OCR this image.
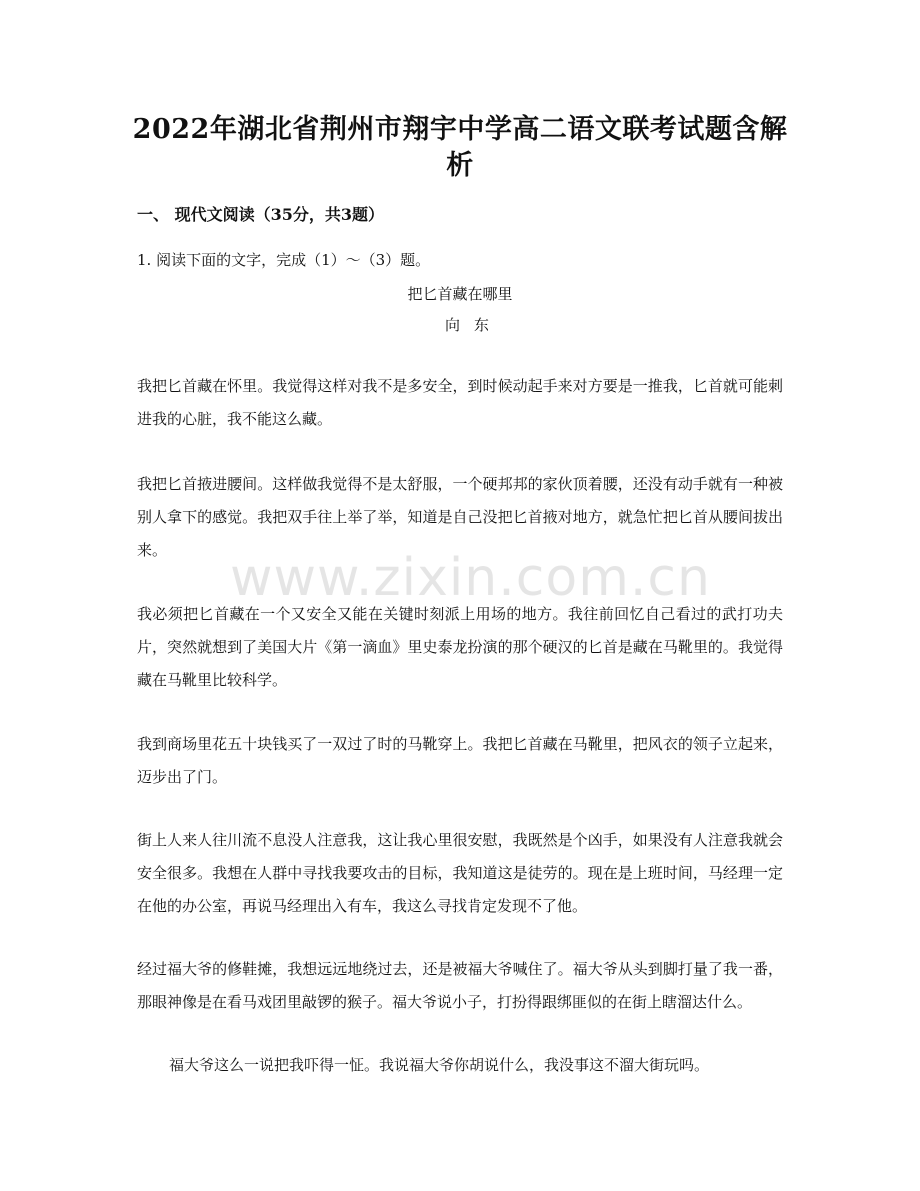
2022年湖北省荆州市翔宇中学高二语文联考试题含解析
一、 现代文阅读（35分，共3题）
1. 阅读下面的文字，完成（1）～（3）题。
把匕首藏在哪里
向东
我把匕首藏在怀里。我觉得这样对我不是多安全，到时候动起手来对方要是一推我，匕首就可能刺进我的心脏，我不能这么藏。
我把匕首掖进腰间。这样做我觉得不是太舒服，一个硬邦邦的家伙顶着腰，还没有动手就有一种被别人拿下的感觉。我把双手往上举了举，知道是自己没把匕首掖对地方，就急忙把匕首从腰间拔出来。
我必须把匕首藏在一个又安全又能在关键时刻派上用场的地方。我往前回忆自己看过的武打功夫片，突然就想到了美国大片《第一滴血》里史泰龙扮演的那个硬汉的匕首是藏在马靴里的。我觉得藏在马靴里比较科学。
我到商场里花五十块钱买了一双过了时的马靴穿上。我把匕首藏在马靴里，把风衣的领子立起来，迈步出了门。
街上人来人往川流不息没人注意我，这让我心里很安慰，我既然是个凶手，如果没有人注意我就会安全很多。我想在人群中寻找我要攻击的目标，我知道这是徒劳的。现在是上班时间，马经理一定在他的办公室，再说马经理出入有车，我这么寻找肯定发现不了他。
经过福大爷的修鞋摊，我想远远地绕过去，还是被福大爷喊住了。福大爷从头到脚打量了我一番，那眼神像是在看马戏团里敲锣的猴子。福大爷说小子，打扮得跟绑匪似的在街上瞎溜达什么。
福大爷这么一说把我吓得一怔。我说福大爷你胡说什么，我没事这不溜大街玩吗。
www.zixin.com.cn
